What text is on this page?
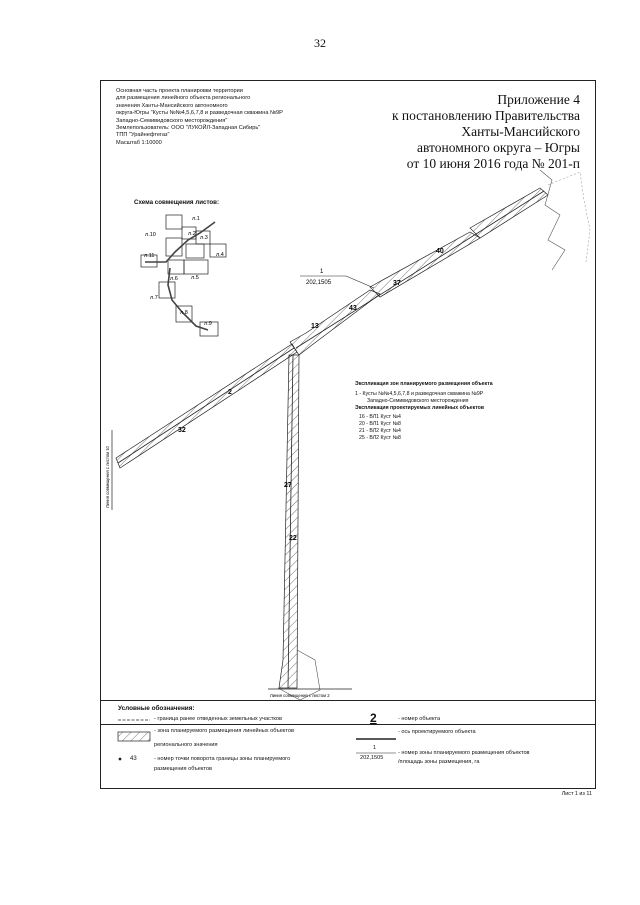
32
Основная часть проекта планировки территории
для размещения линейного объекта регионального
значения Ханты-Мансийского автономного
округа-Югры "Кусты №№4,5,6,7,8 и разведочная скважина №9Р
Западно-Семивидовского месторождения"
Землепользователь: ООО "ЛУКОЙЛ-Западная Сибирь"
ТПП "Урайнефтегаз"
Масштаб 1:10000
Приложение 4
к постановлению Правительства
Ханты-Мансийского
автономного округа – Югры
от 10 июня 2016 года № 201-п
Схема совмещения листов:
л.1
л.2
л.3
л.4
л.5
л.6
л.7
л.8
л.9
л.10
л.11
40
37
43
13
2
32
27
22
1
202,1505
Линия совмещения с листом 10
Линия совмещения с листом 2
Экспликация зон планируемого размещения объекта
1 - Кусты №№4,5,6,7,8 и разведочная скважина №9Р
Западно-Семивидовского месторождения
Экспликация проектируемых линейных объектов
16 - ВЛ1 Куст №4
20 - ВЛ1 Куст №8
21 - ВЛ2 Куст №4
25 - ВЛ2 Куст №8
Условные обозначения:
- граница ранее отведенных земельных участков
- зона планируемого размещения линейных объектов
регионального значения
43	- номер точки поворота границы зоны планируемого
размещения объектов
2	- номер объекта
- ось проектируемого объекта
1
202,1505
- номер зоны планируемого размещения объектов
/площадь зоны размещения, га
Лист 1 из 11
